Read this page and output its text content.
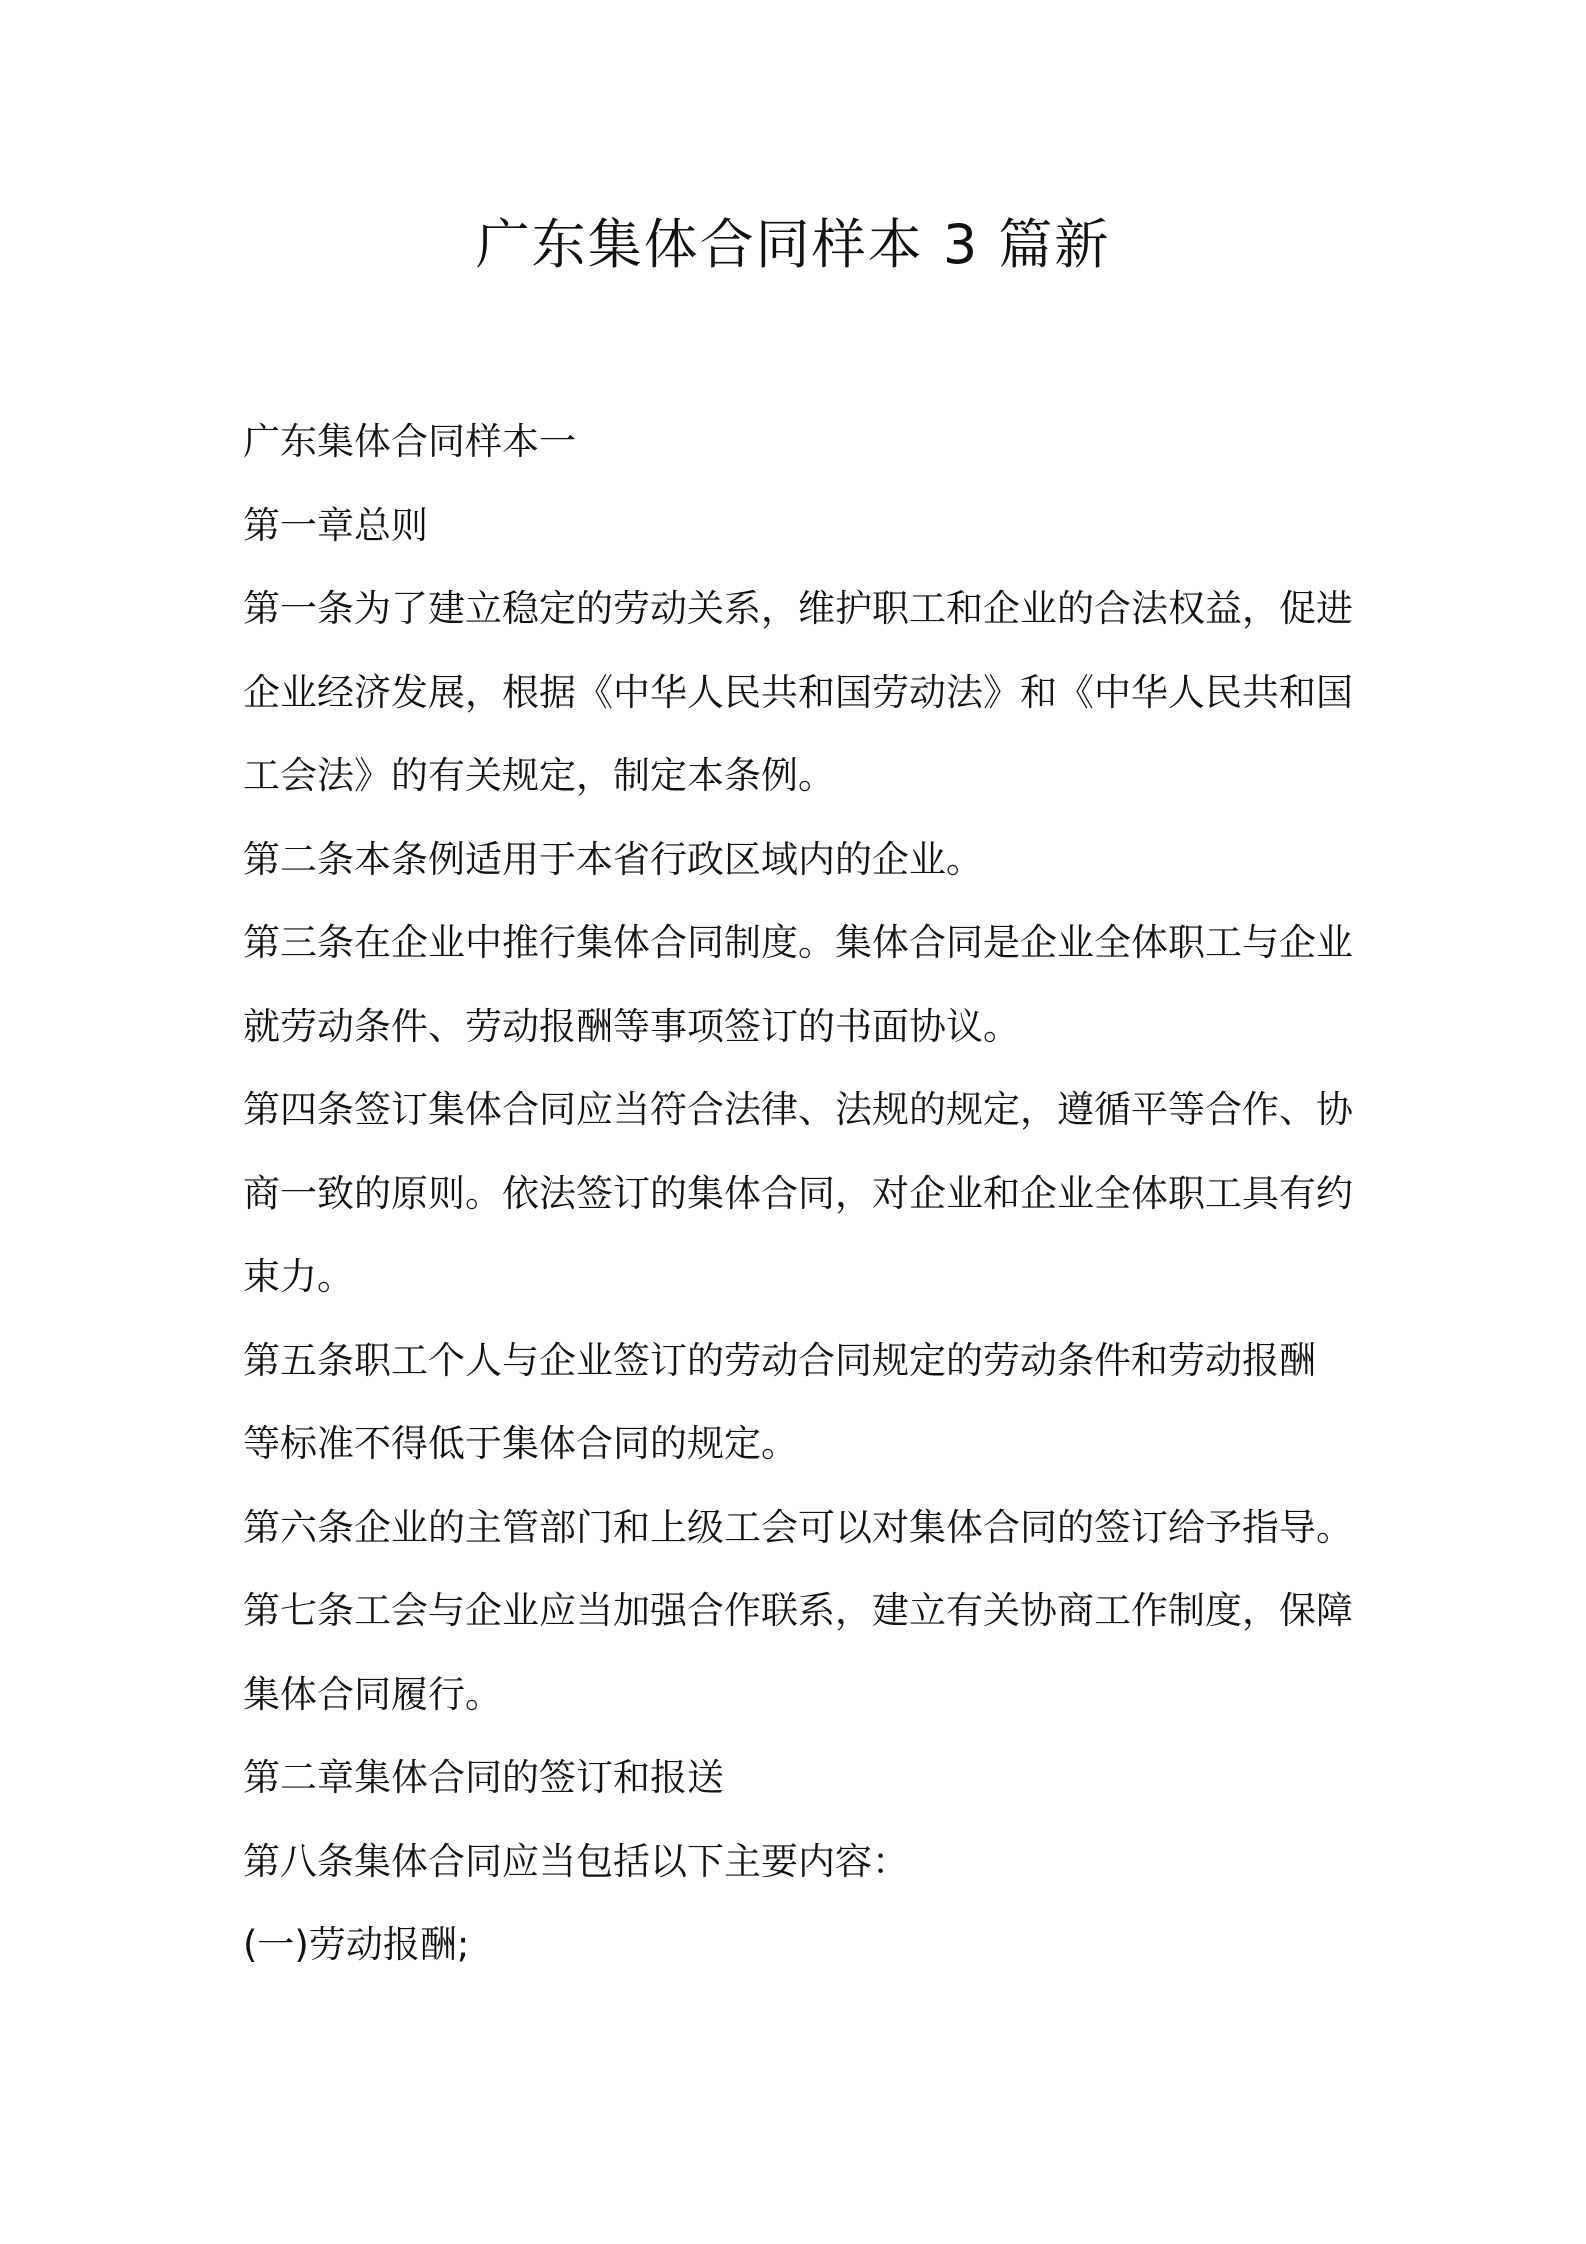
广东集体合同样本 3 篇新

广东集体合同样本一

第一章总则

第一条为了建立稳定的劳动关系，维护职工和企业的合法权益，促进

企业经济发展，根据《中华人民共和国劳动法》和《中华人民共和国

工会法》的有关规定，制定本条例。

第二条本条例适用于本省行政区域内的企业。

第三条在企业中推行集体合同制度。集体合同是企业全体职工与企业

就劳动条件、劳动报酬等事项签订的书面协议。

第四条签订集体合同应当符合法律、法规的规定，遵循平等合作、协

商一致的原则。依法签订的集体合同，对企业和企业全体职工具有约

束力。

第五条职工个人与企业签订的劳动合同规定的劳动条件和劳动报酬

等标准不得低于集体合同的规定。

第六条企业的主管部门和上级工会可以对集体合同的签订给予指导。

第七条工会与企业应当加强合作联系，建立有关协商工作制度，保障

集体合同履行。

第二章集体合同的签订和报送

第八条集体合同应当包括以下主要内容：

(一)劳动报酬;
